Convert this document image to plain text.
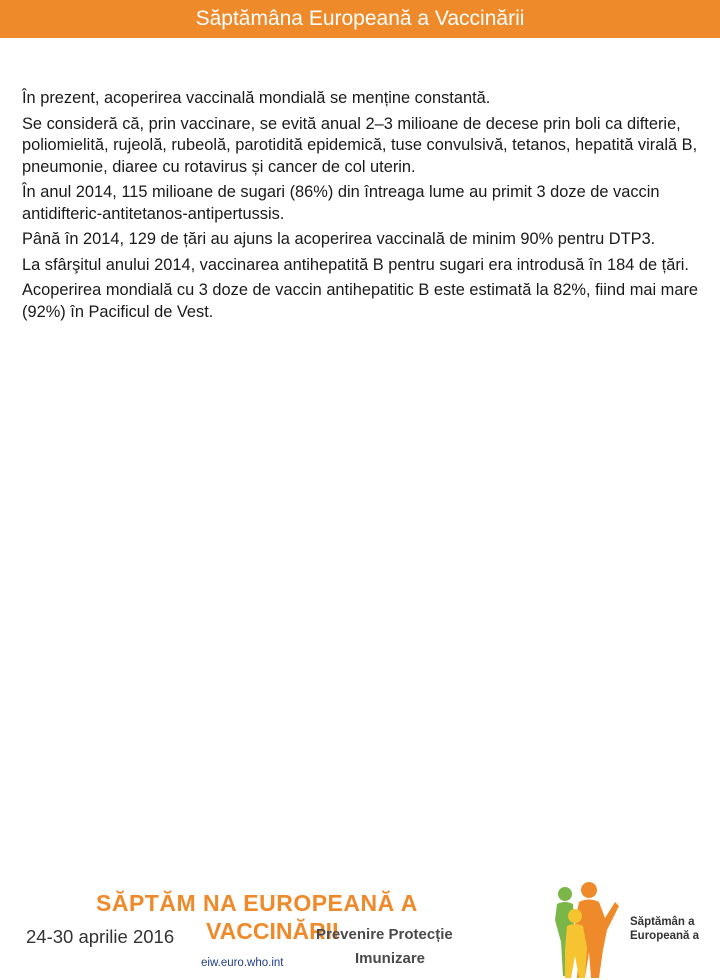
Săptămâna Europeană a Vaccinării

În prezent, acoperirea vaccinală mondială se menține constantă.

Se consideră că, prin vaccinare, se evită anual 2–3 milioane de decese prin boli ca difterie, poliomielită, rujeolă, rubeolă, parotidită epidemică, tuse convulsivă, tetanos, hepatită virală B, pneumonie, diaree cu rotavirus și cancer de col uterin.

În anul 2014, 115 milioane de sugari (86%) din întreaga lume au primit 3 doze de vaccin antidifteric-antitetanos-antipertussis.

Până în 2014, 129 de țări au ajuns la acoperirea vaccinală de minim 90% pentru DTP3.

La sfârşitul anului 2014, vaccinarea antihepatită B pentru sugari era introdusă în 184 de țări.

Acoperirea mondială cu 3 doze de vaccin antihepatitic B este estimată la 82%, fiind mai mare (92%) în Pacificul de Vest.

SĂPTĂM NA EUROPEANĂ A
VACCINĂRII
24-30 aprilie 2016	Prevenire Protecție
Imunizare
eiw.euro.who.int
Săptămân a Europeană a
